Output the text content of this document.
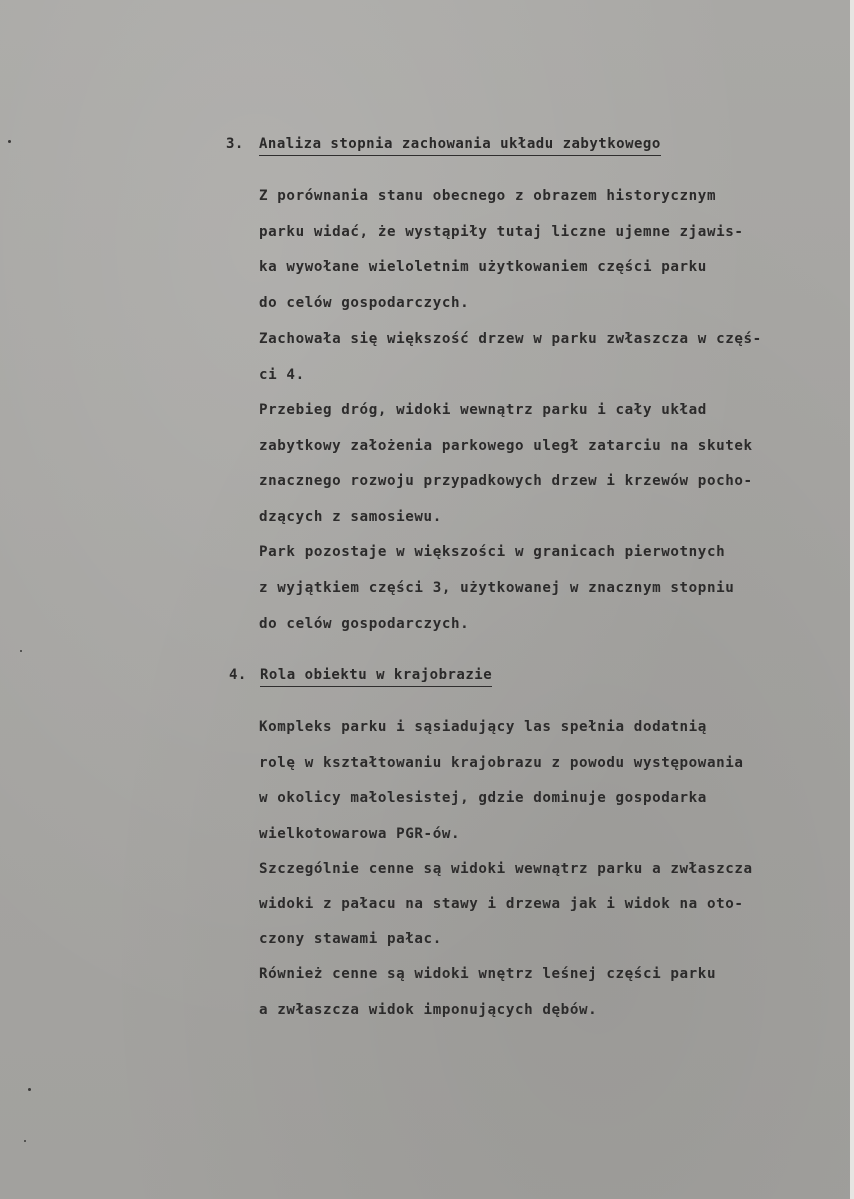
3. Analiza stopnia zachowania układu zabytkowego
Z porównania stanu obecnego z obrazem historycznym
parku widać, że wystąpiły tutaj liczne ujemne zjawis-
ka wywołane wieloletnim użytkowaniem części parku
do celów gospodarczych.
Zachowała się większość drzew w parku zwłaszcza w częś-
ci 4.
Przebieg dróg, widoki wewnątrz parku i cały układ
zabytkowy założenia parkowego uległ zatarciu na skutek
znacznego rozwoju przypadkowych drzew i krzewów pocho-
dzących z samosiewu.
Park pozostaje w większości w granicach pierwotnych
z wyjątkiem części 3, użytkowanej w znacznym stopniu
do celów gospodarczych.
4. Rola obiektu w krajobrazie
Kompleks parku i sąsiadujący las spełnia dodatnią
rolę w kształtowaniu krajobrazu z powodu występowania
w okolicy małolesistej, gdzie dominuje gospodarka
wielkotowarowa PGR-ów.
Szczególnie cenne są widoki wewnątrz parku a zwłaszcza
widoki z pałacu na stawy i drzewa jak i widok na oto-
czony stawami pałac.
Również cenne są widoki wnętrz leśnej części parku
a zwłaszcza widok imponujących dębów.
